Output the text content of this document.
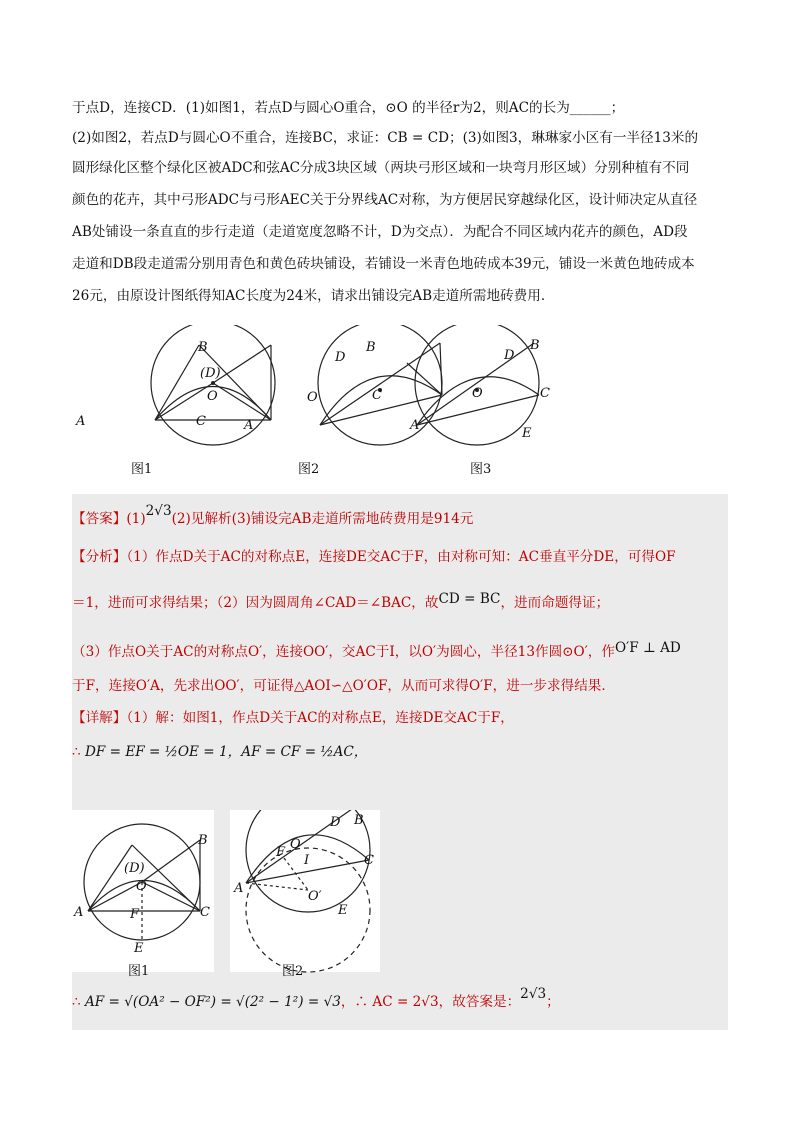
于点D，连接CD．(1)如图1，若点D与圆心O重合，⊙O 的半径r为2，则AC的长为______；
(2)如图2，若点D与圆心O不重合，连接BC，求证：CB = CD；(3)如图3，琳琳家小区有一半径13米的
圆形绿化区整个绿化区被ADC和弦AC分成3块区域（两块弓形区域和一块弯月形区域）分别种植有不同
颜色的花卉，其中弓形ADC与弓形AEC关于分界线AC对称，为方便居民穿越绿化区，设计师决定从直径
AB处铺设一条直直的步行走道（走道宽度忽略不计，D为交点）．为配合不同区域内花卉的颜色，AD段
走道和DB段走道需分别用青色和黄色砖块铺设，若铺设一米青色地砖成本39元，铺设一米黄色地砖成本
26元，由原设计图纸得知AC长度为24米，请求出铺设完AB走道所需地砖费用．
A
(D)
O
B
C	A
O
D
B
C
A
O
D
B
C
E
图1	图2	图3
【答案】(1)2√3(2)见解析(3)铺设完AB走道所需地砖费用是914元
【分析】（1）作点D关于AC的对称点E，连接DE交AC于F，由对称可知：AC垂直平分DE，可得OF
＝1，进而可求得结果；（2）因为圆周角∠CAD＝∠BAC，故CD = BC，进而命题得证；
（3）作点O关于AC的对称点O′，连接OO′，交AC于I，以O′为圆心，半径13作圆⊙O′，作O′F ⊥ AD
于F，连接O′A，先求出OO′，可证得△AOI∽△O′OF，从而可求得O′F，进一步求得结果．
【详解】（1）解：如图1，作点D关于AC的对称点E，连接DE交AC于F，
∴ DF = EF = ½OE = 1，AF = CF = ½AC，
A
(D)
O
B
C
F
E
A
B
D
O
F
I
O′
C
E
图1	图2
∴ AF = √(OA² − OF²) = √(2² − 1²) = √3，∴ AC = 2√3，故答案是：2√3；
